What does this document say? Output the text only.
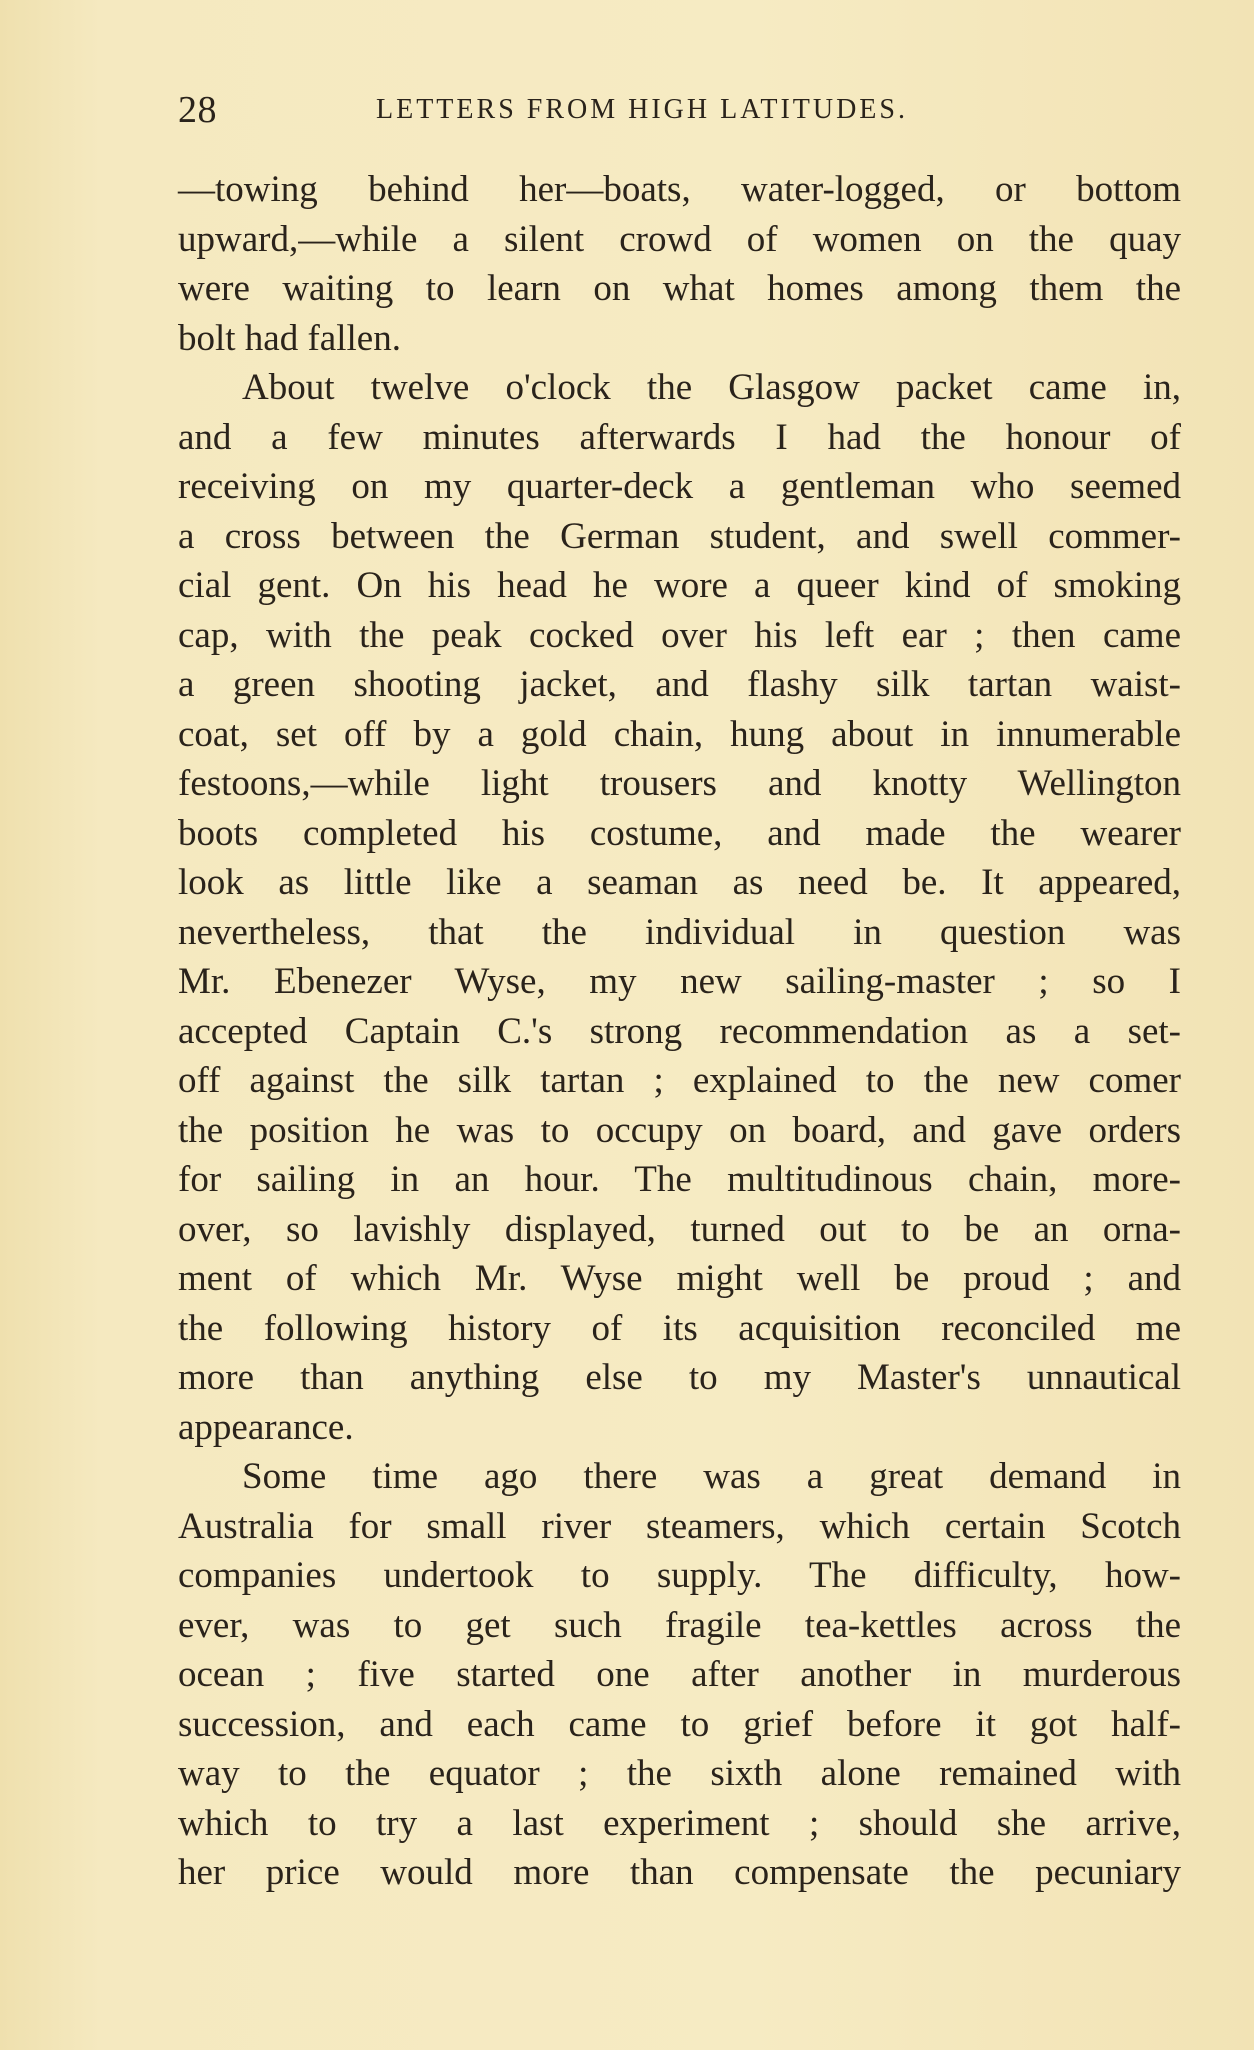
28	LETTERS FROM HIGH LATITUDES.
—towing behind her—boats, water-logged, or bottom
upward,—while a silent crowd of women on the quay
were waiting to learn on what homes among them the
bolt had fallen.
About twelve o'clock the Glasgow packet came in,
and a few minutes afterwards I had the honour of
receiving on my quarter-deck a gentleman who seemed
a cross between the German student, and swell commer-
cial gent. On his head he wore a queer kind of smoking
cap, with the peak cocked over his left ear ; then came
a green shooting jacket, and flashy silk tartan waist-
coat, set off by a gold chain, hung about in innumerable
festoons,—while light trousers and knotty Wellington
boots completed his costume, and made the wearer
look as little like a seaman as need be. It appeared,
nevertheless, that the individual in question was
Mr. Ebenezer Wyse, my new sailing-master ; so I
accepted Captain C.'s strong recommendation as a set-
off against the silk tartan ; explained to the new comer
the position he was to occupy on board, and gave orders
for sailing in an hour. The multitudinous chain, more-
over, so lavishly displayed, turned out to be an orna-
ment of which Mr. Wyse might well be proud ; and
the following history of its acquisition reconciled me
more than anything else to my Master's unnautical
appearance.
Some time ago there was a great demand in
Australia for small river steamers, which certain Scotch
companies undertook to supply. The difficulty, how-
ever, was to get such fragile tea-kettles across the
ocean ; five started one after another in murderous
succession, and each came to grief before it got half-
way to the equator ; the sixth alone remained with
which to try a last experiment ; should she arrive,
her price would more than compensate the pecuniary
